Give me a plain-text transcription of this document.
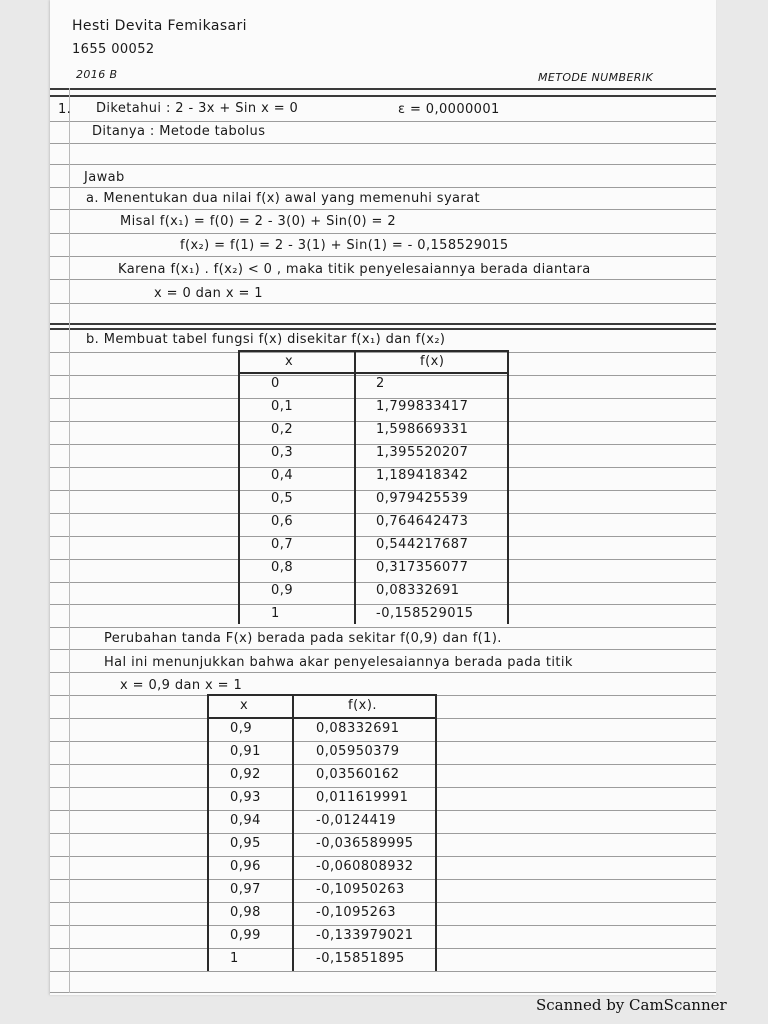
Hesti Devita Femikasari
1655 00052
2016 B	METODE NUMBERIK
1. Diketahui : 2 - 3x + Sin x = 0	ε = 0,0000001
Ditanya : Metode tabolus
Jawab
a. Menentukan dua nilai f(x) awal yang memenuhi syarat
Misal f(x₁) = f(0) = 2 - 3(0) + Sin(0) = 2
f(x₂) = f(1) = 2 - 3(1) + Sin(1) = - 0,158529015
Karena f(x₁) . f(x₂) < 0 , maka titik penyelesaiannya berada diantara
x = 0 dan x = 1
b. Membuat tabel fungsi f(x) disekitar f(x₁) dan f(x₂)
x	f(x)
0	2
0,1	1,799833417
0,2	1,598669331
0,3	1,395520207
0,4	1,189418342
0,5	0,979425539
0,6	0,764642473
0,7	0,544217687
0,8	0,317356077
0,9	0,08332691
1	-0,158529015
Perubahan tanda F(x) berada pada sekitar f(0,9) dan f(1).
Hal ini menunjukkan bahwa akar penyelesaiannya berada pada titik
x = 0,9 dan x = 1
x	f(x).
0,9	0,08332691
0,91	0,05950379
0,92	0,03560162
0,93	0,011619991
0,94	-0,0124419
0,95	-0,036589995
0,96	-0,060808932
0,97	-0,10950263
0,98	-0,1095263
0,99	-0,133979021
1	-0,15851895
Scanned by CamScanner
